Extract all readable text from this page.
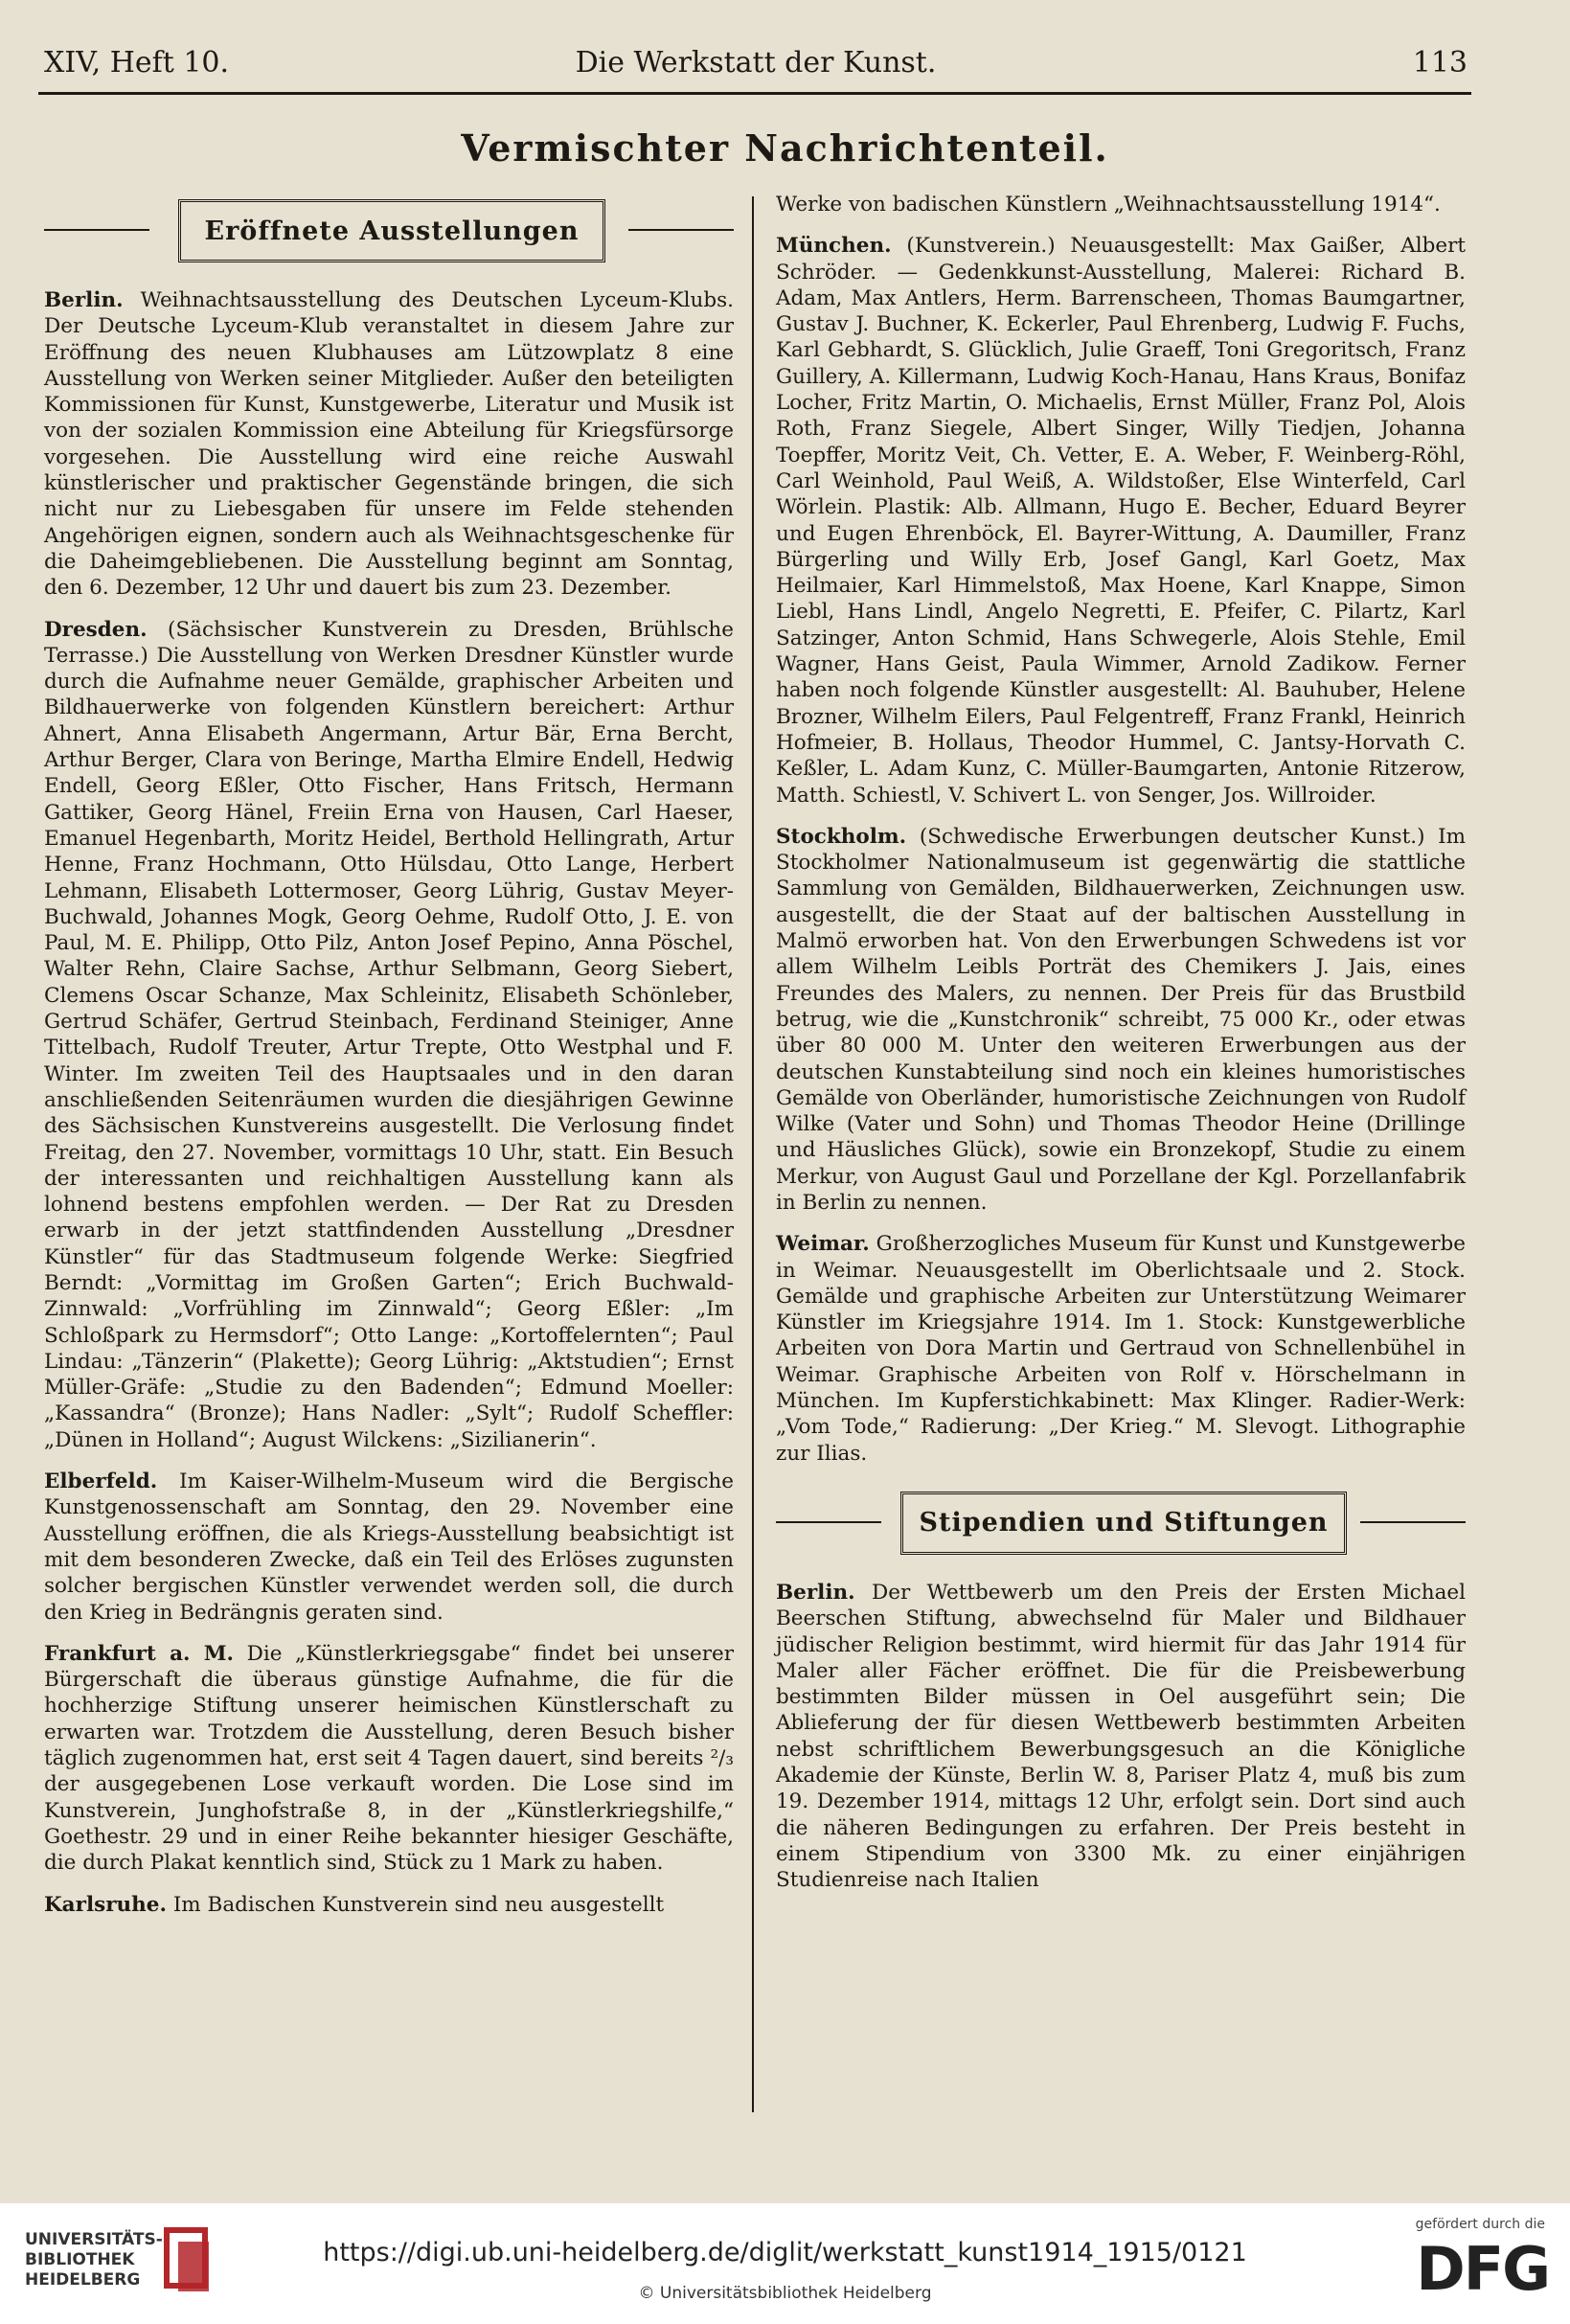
XIV, Heft 10.	Die Werkstatt der Kunst.	113
Vermischter Nachrichtenteil.
Eröffnete Ausstellungen

Berlin. Weihnachtsausstellung des Deutschen Lyceum-Klubs. Der Deutsche Lyceum-Klub veranstaltet in diesem Jahre zur Eröffnung des neuen Klubhauses am Lützowplatz 8 eine Ausstellung von Werken seiner Mitglieder. Außer den beteiligten Kommissionen für Kunst, Kunstgewerbe, Literatur und Musik ist von der sozialen Kommission eine Abteilung für Kriegsfürsorge vorgesehen. Die Ausstellung wird eine reiche Auswahl künstlerischer und praktischer Gegenstände bringen, die sich nicht nur zu Liebesgaben für unsere im Felde stehenden Angehörigen eignen, sondern auch als Weihnachtsgeschenke für die Daheimgebliebenen. Die Ausstellung beginnt am Sonntag, den 6. Dezember, 12 Uhr und dauert bis zum 23. Dezember.

Dresden. (Sächsischer Kunstverein zu Dresden, Brühlsche Terrasse.) Die Ausstellung von Werken Dresdner Künstler wurde durch die Aufnahme neuer Gemälde, graphischer Arbeiten und Bildhauerwerke von folgenden Künstlern bereichert: Arthur Ahnert, Anna Elisabeth Angermann, Artur Bär, Erna Bercht, Arthur Berger, Clara von Beringe, Martha Elmire Endell, Hedwig Endell, Georg Eßler, Otto Fischer, Hans Fritsch, Hermann Gattiker, Georg Hänel, Freiin Erna von Hausen, Carl Haeser, Emanuel Hegenbarth, Moritz Heidel, Berthold Hellingrath, Artur Henne, Franz Hochmann, Otto Hülsdau, Otto Lange, Herbert Lehmann, Elisabeth Lottermoser, Georg Lührig, Gustav Meyer-Buchwald, Johannes Mogk, Georg Oehme, Rudolf Otto, J. E. von Paul, M. E. Philipp, Otto Pilz, Anton Josef Pepino, Anna Pöschel, Walter Rehn, Claire Sachse, Arthur Selbmann, Georg Siebert, Clemens Oscar Schanze, Max Schleinitz, Elisabeth Schönleber, Gertrud Schäfer, Gertrud Steinbach, Ferdinand Steiniger, Anne Tittelbach, Rudolf Treuter, Artur Trepte, Otto Westphal und F. Winter. Im zweiten Teil des Hauptsaales und in den daran anschließenden Seitenräumen wurden die diesjährigen Gewinne des Sächsischen Kunstvereins ausgestellt. Die Verlosung findet Freitag, den 27. November, vormittags 10 Uhr, statt. Ein Besuch der interessanten und reichhaltigen Ausstellung kann als lohnend bestens empfohlen werden. — Der Rat zu Dresden erwarb in der jetzt stattfindenden Ausstellung „Dresdner Künstler“ für das Stadtmuseum folgende Werke: Siegfried Berndt: „Vormittag im Großen Garten“; Erich Buchwald-Zinnwald: „Vorfrühling im Zinnwald“; Georg Eßler: „Im Schloßpark zu Hermsdorf“; Otto Lange: „Kortoffelernten“; Paul Lindau: „Tänzerin“ (Plakette); Georg Lührig: „Aktstudien“; Ernst Müller-Gräfe: „Studie zu den Badenden“; Edmund Moeller: „Kassandra“ (Bronze); Hans Nadler: „Sylt“; Rudolf Scheffler: „Dünen in Holland“; August Wilckens: „Sizilianerin“.

Elberfeld. Im Kaiser-Wilhelm-Museum wird die Bergische Kunstgenossenschaft am Sonntag, den 29. November eine Ausstellung eröffnen, die als Kriegs-Ausstellung beabsichtigt ist mit dem besonderen Zwecke, daß ein Teil des Erlöses zugunsten solcher bergischen Künstler verwendet werden soll, die durch den Krieg in Bedrängnis geraten sind.

Frankfurt a. M. Die „Künstlerkriegsgabe“ findet bei unserer Bürgerschaft die überaus günstige Aufnahme, die für die hochherzige Stiftung unserer heimischen Künstlerschaft zu erwarten war. Trotzdem die Ausstellung, deren Besuch bisher täglich zugenommen hat, erst seit 4 Tagen dauert, sind bereits ²/₃ der ausgegebenen Lose verkauft worden. Die Lose sind im Kunstverein, Junghofstraße 8, in der „Künstlerkriegshilfe,“ Goethestr. 29 und in einer Reihe bekannter hiesiger Geschäfte, die durch Plakat kenntlich sind, Stück zu 1 Mark zu haben.

Karlsruhe. Im Badischen Kunstverein sind neu ausgestellt

Werke von badischen Künstlern „Weihnachtsausstellung 1914“.

München. (Kunstverein.) Neuausgestellt: Max Gaißer, Albert Schröder. — Gedenkkunst-Ausstellung, Malerei: Richard B. Adam, Max Antlers, Herm. Barrenscheen, Thomas Baumgartner, Gustav J. Buchner, K. Eckerler, Paul Ehrenberg, Ludwig F. Fuchs, Karl Gebhardt, S. Glücklich, Julie Graeff, Toni Gregoritsch, Franz Guillery, A. Killermann, Ludwig Koch-Hanau, Hans Kraus, Bonifaz Locher, Fritz Martin, O. Michaelis, Ernst Müller, Franz Pol, Alois Roth, Franz Siegele, Albert Singer, Willy Tiedjen, Johanna Toepffer, Moritz Veit, Ch. Vetter, E. A. Weber, F. Weinberg-Röhl, Carl Weinhold, Paul Weiß, A. Wildstoßer, Else Winterfeld, Carl Wörlein. Plastik: Alb. Allmann, Hugo E. Becher, Eduard Beyrer und Eugen Ehrenböck, El. Bayrer-Wittung, A. Daumiller, Franz Bürgerling und Willy Erb, Josef Gangl, Karl Goetz, Max Heilmaier, Karl Himmelstoß, Max Hoene, Karl Knappe, Simon Liebl, Hans Lindl, Angelo Negretti, E. Pfeifer, C. Pilartz, Karl Satzinger, Anton Schmid, Hans Schwegerle, Alois Stehle, Emil Wagner, Hans Geist, Paula Wimmer, Arnold Zadikow. Ferner haben noch folgende Künstler ausgestellt: Al. Bauhuber, Helene Brozner, Wilhelm Eilers, Paul Felgentreff, Franz Frankl, Heinrich Hofmeier, B. Hollaus, Theodor Hummel, C. Jantsy-Horvath C. Keßler, L. Adam Kunz, C. Müller-Baumgarten, Antonie Ritzerow, Matth. Schiestl, V. Schivert L. von Senger, Jos. Willroider.

Stockholm. (Schwedische Erwerbungen deutscher Kunst.) Im Stockholmer Nationalmuseum ist gegenwärtig die stattliche Sammlung von Gemälden, Bildhauerwerken, Zeichnungen usw. ausgestellt, die der Staat auf der baltischen Ausstellung in Malmö erworben hat. Von den Erwerbungen Schwedens ist vor allem Wilhelm Leibls Porträt des Chemikers J. Jais, eines Freundes des Malers, zu nennen. Der Preis für das Brustbild betrug, wie die „Kunstchronik“ schreibt, 75 000 Kr., oder etwas über 80 000 M. Unter den weiteren Erwerbungen aus der deutschen Kunstabteilung sind noch ein kleines humoristisches Gemälde von Oberländer, humoristische Zeichnungen von Rudolf Wilke (Vater und Sohn) und Thomas Theodor Heine (Drillinge und Häusliches Glück), sowie ein Bronzekopf, Studie zu einem Merkur, von August Gaul und Porzellane der Kgl. Porzellanfabrik in Berlin zu nennen.

Weimar. Großherzogliches Museum für Kunst und Kunstgewerbe in Weimar. Neuausgestellt im Oberlichtsaale und 2. Stock. Gemälde und graphische Arbeiten zur Unterstützung Weimarer Künstler im Kriegsjahre 1914. Im 1. Stock: Kunstgewerbliche Arbeiten von Dora Martin und Gertraud von Schnellenbühel in Weimar. Graphische Arbeiten von Rolf v. Hörschelmann in München. Im Kupferstichkabinett: Max Klinger. Radier-Werk: „Vom Tode,“ Radierung: „Der Krieg.“ M. Slevogt. Lithographie zur Ilias.

Stipendien und Stiftungen

Berlin. Der Wettbewerb um den Preis der Ersten Michael Beerschen Stiftung, abwechselnd für Maler und Bildhauer jüdischer Religion bestimmt, wird hiermit für das Jahr 1914 für Maler aller Fächer eröffnet. Die für die Preisbewerbung bestimmten Bilder müssen in Oel ausgeführt sein; Die Ablieferung der für diesen Wettbewerb bestimmten Arbeiten nebst schriftlichem Bewerbungsgesuch an die Königliche Akademie der Künste, Berlin W. 8, Pariser Platz 4, muß bis zum 19. Dezember 1914, mittags 12 Uhr, erfolgt sein. Dort sind auch die näheren Bedingungen zu erfahren. Der Preis besteht in einem Stipendium von 3300 Mk. zu einer einjährigen Studienreise nach Italien

UNIVERSITÄTS-
BIBLIOTHEK
HEIDELBERG
https://digi.ub.uni-heidelberg.de/diglit/werkstatt_kunst1914_1915/0121
© Universitätsbibliothek Heidelberg
gefördert durch die
DFG
